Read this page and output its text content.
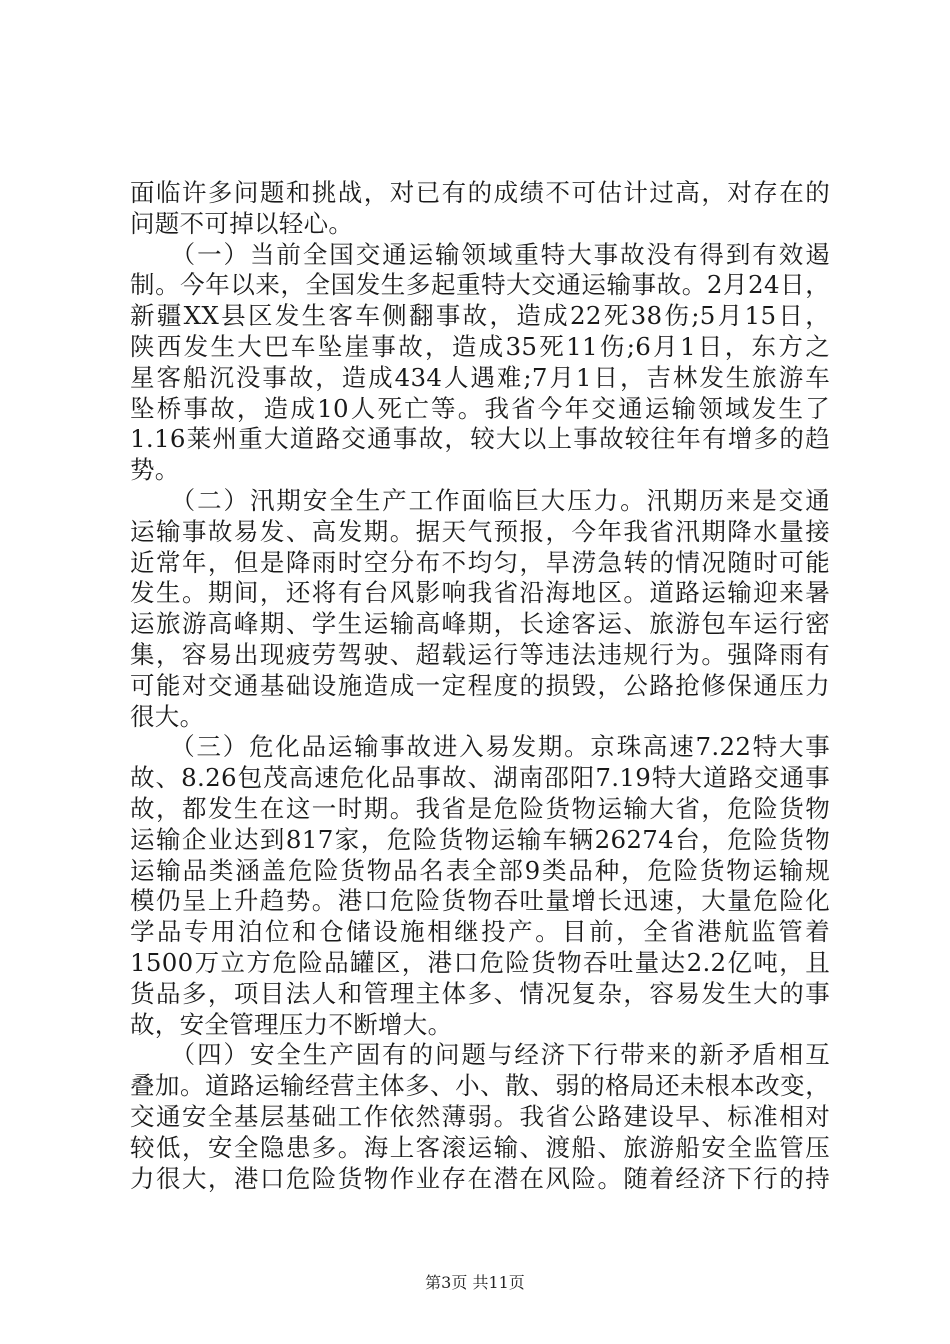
面临许多问题和挑战，对已有的成绩不可估计过高，对存在的
问题不可掉以轻心。
　　（一）当前全国交通运输领域重特大事故没有得到有效遏
制。今年以来，全国发生多起重特大交通运输事故。2月24日，
新疆XX县区发生客车侧翻事故，造成22死38伤;5月15日，
陕西发生大巴车坠崖事故，造成35死11伤;6月1日，东方之
星客船沉没事故，造成434人遇难;7月1日，吉林发生旅游车
坠桥事故，造成10人死亡等。我省今年交通运输领域发生了
1.16莱州重大道路交通事故，较大以上事故较往年有增多的趋
势。
　　（二）汛期安全生产工作面临巨大压力。汛期历来是交通
运输事故易发、高发期。据天气预报，今年我省汛期降水量接
近常年，但是降雨时空分布不均匀，旱涝急转的情况随时可能
发生。期间，还将有台风影响我省沿海地区。道路运输迎来暑
运旅游高峰期、学生运输高峰期，长途客运、旅游包车运行密
集，容易出现疲劳驾驶、超载运行等违法违规行为。强降雨有
可能对交通基础设施造成一定程度的损毁，公路抢修保通压力
很大。
　　（三）危化品运输事故进入易发期。京珠高速7.22特大事
故、8.26包茂高速危化品事故、湖南邵阳7.19特大道路交通事
故，都发生在这一时期。我省是危险货物运输大省，危险货物
运输企业达到817家，危险货物运输车辆26274台，危险货物
运输品类涵盖危险货物品名表全部9类品种，危险货物运输规
模仍呈上升趋势。港口危险货物吞吐量增长迅速，大量危险化
学品专用泊位和仓储设施相继投产。目前，全省港航监管着
1500万立方危险品罐区，港口危险货物吞吐量达2.2亿吨，且
货品多，项目法人和管理主体多、情况复杂，容易发生大的事
故，安全管理压力不断增大。
　　（四）安全生产固有的问题与经济下行带来的新矛盾相互
叠加。道路运输经营主体多、小、散、弱的格局还未根本改变，
交通安全基层基础工作依然薄弱。我省公路建设早、标准相对
较低，安全隐患多。海上客滚运输、渡船、旅游船安全监管压
力很大，港口危险货物作业存在潜在风险。随着经济下行的持
第3页 共11页
